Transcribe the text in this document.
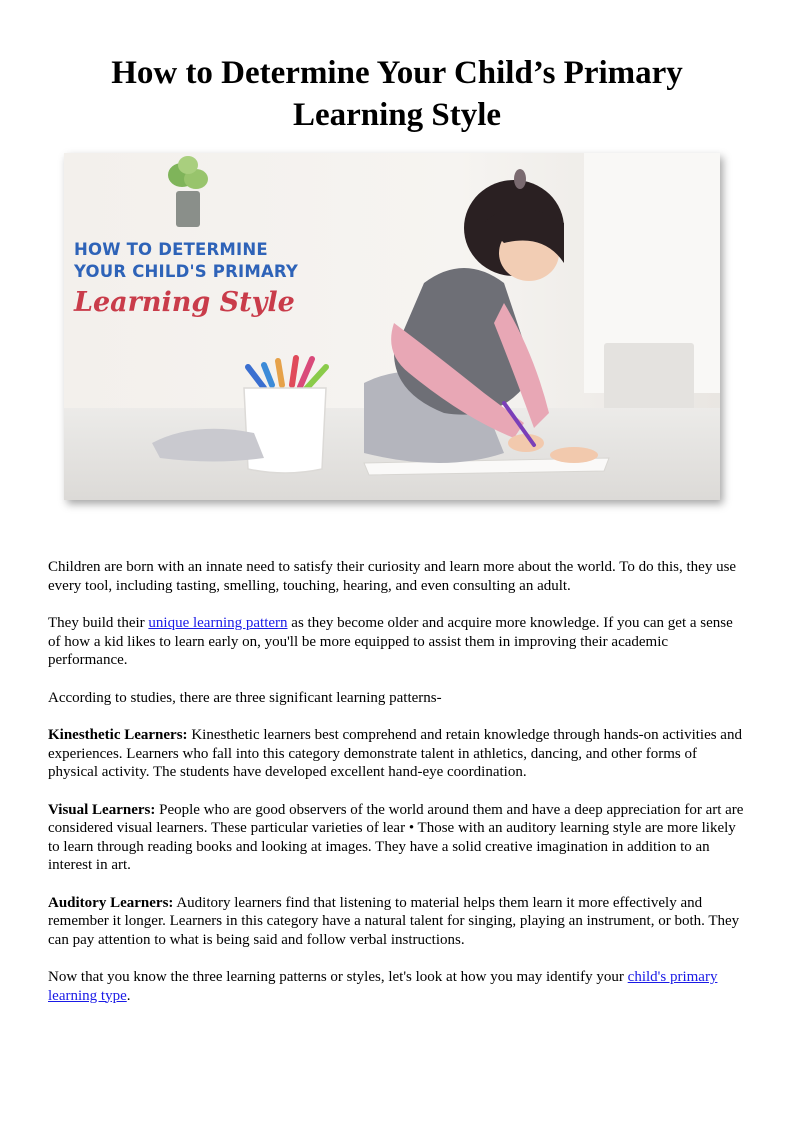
How to Determine Your Child’s Primary Learning Style
HOW TO DETERMINE
YOUR CHILD'S PRIMARY
Learning Style

Children are born with an innate need to satisfy their curiosity and learn more about the world. To do this, they use every tool, including tasting, smelling, touching, hearing, and even consulting an adult.

They build their unique learning pattern as they become older and acquire more knowledge. If you can get a sense of how a kid likes to learn early on, you'll be more equipped to assist them in improving their academic performance.

According to studies, there are three significant learning patterns-

Kinesthetic Learners: Kinesthetic learners best comprehend and retain knowledge through hands-on activities and experiences. Learners who fall into this category demonstrate talent in athletics, dancing, and other forms of physical activity. The students have developed excellent hand-eye coordination.

Visual Learners: People who are good observers of the world around them and have a deep appreciation for art are considered visual learners. These particular varieties of lear • Those with an auditory learning style are more likely to learn through reading books and looking at images. They have a solid creative imagination in addition to an interest in art.

Auditory Learners: Auditory learners find that listening to material helps them learn it more effectively and remember it longer. Learners in this category have a natural talent for singing, playing an instrument, or both. They can pay attention to what is being said and follow verbal instructions.

Now that you know the three learning patterns or styles, let's look at how you may identify your child's primary learning type.
